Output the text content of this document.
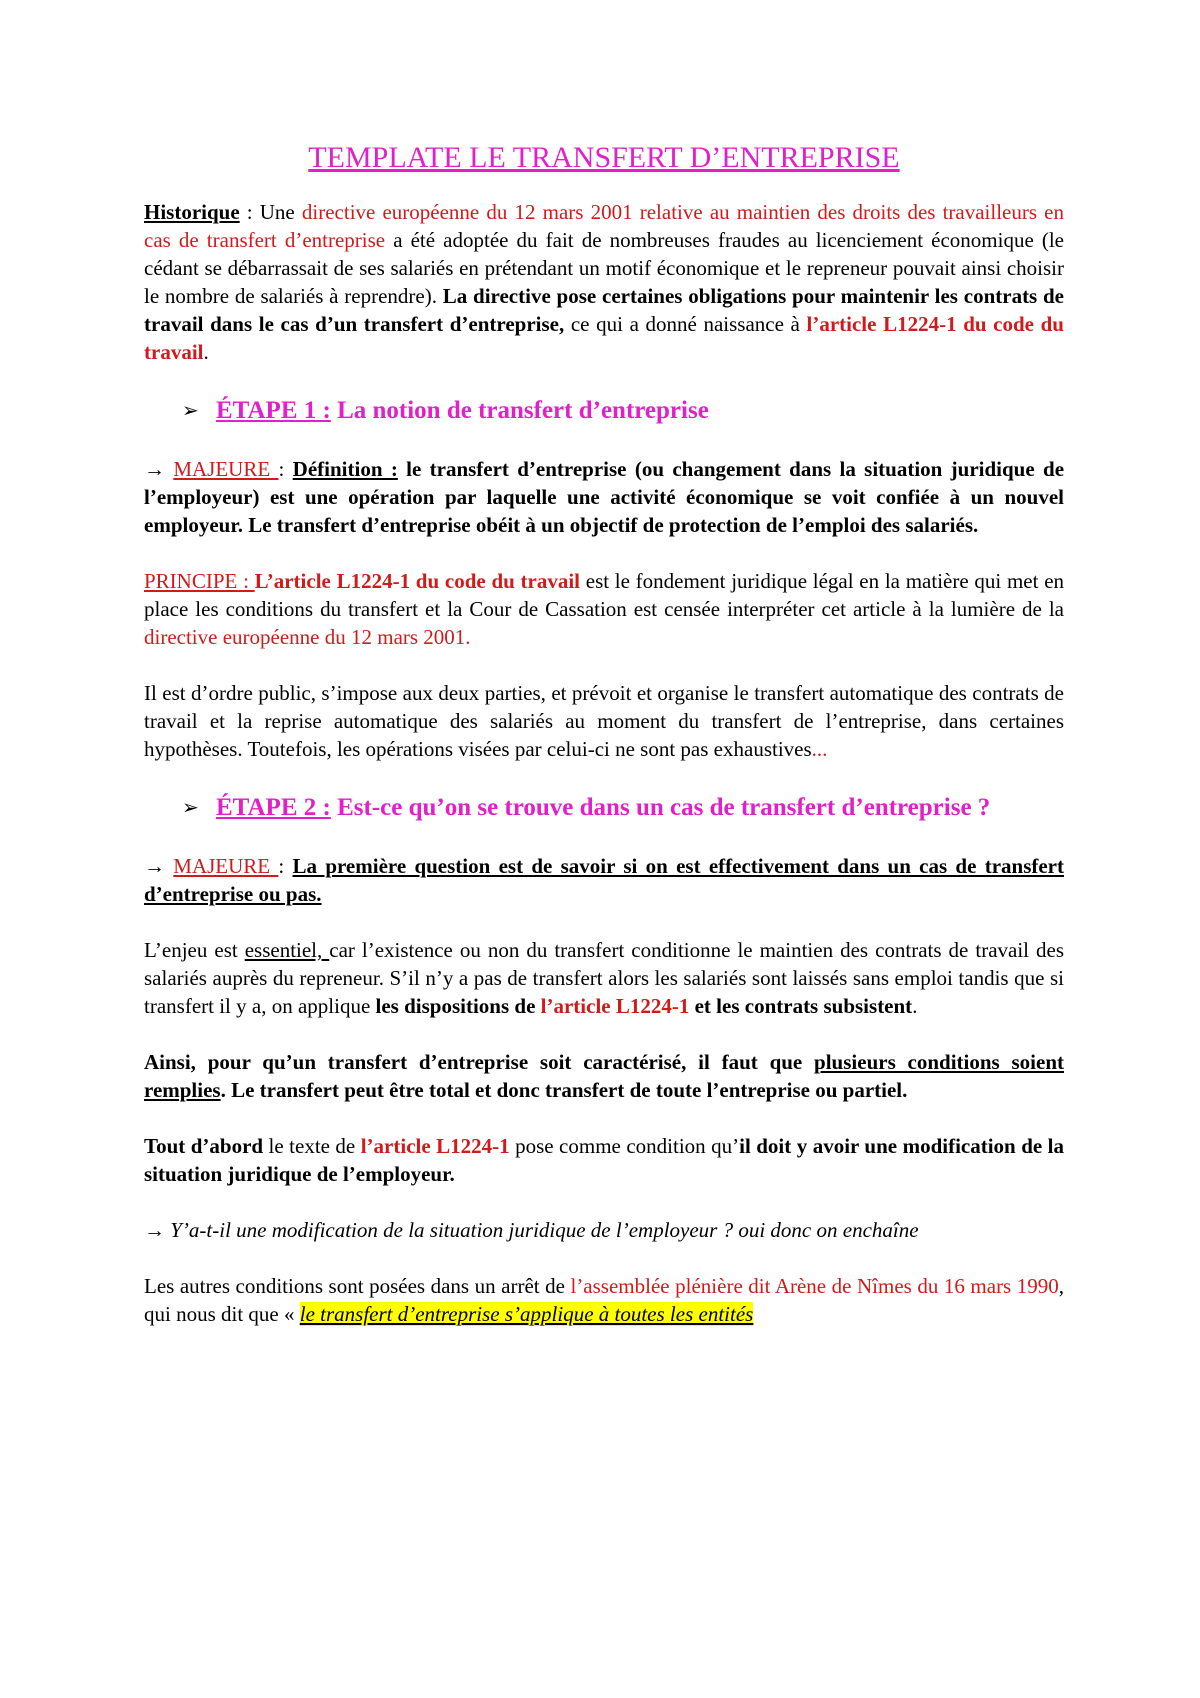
TEMPLATE LE TRANSFERT D’ENTREPRISE

Historique : Une directive européenne du 12 mars 2001 relative au maintien des droits des travailleurs en cas de transfert d’entreprise a été adoptée du fait de nombreuses fraudes au licenciement économique (le cédant se débarrassait de ses salariés en prétendant un motif économique et le repreneur pouvait ainsi choisir le nombre de salariés à reprendre). La directive pose certaines obligations pour maintenir les contrats de travail dans le cas d’un transfert d’entreprise, ce qui a donné naissance à l’article L1224-1 du code du travail.

➢ ÉTAPE 1 : La notion de transfert d’entreprise

→ MAJEURE : Définition : le transfert d’entreprise (ou changement dans la situation juridique de l’employeur) est une opération par laquelle une activité économique se voit confiée à un nouvel employeur. Le transfert d’entreprise obéit à un objectif de protection de l’emploi des salariés.

PRINCIPE : L’article L1224-1 du code du travail est le fondement juridique légal en la matière qui met en place les conditions du transfert et la Cour de Cassation est censée interpréter cet article à la lumière de la directive européenne du 12 mars 2001.

Il est d’ordre public, s’impose aux deux parties, et prévoit et organise le transfert automatique des contrats de travail et la reprise automatique des salariés au moment du transfert de l’entreprise, dans certaines hypothèses. Toutefois, les opérations visées par celui-ci ne sont pas exhaustives...

➢ ÉTAPE 2 : Est-ce qu’on se trouve dans un cas de transfert d’entreprise ?

→ MAJEURE : La première question est de savoir si on est effectivement dans un cas de transfert d’entreprise ou pas.

L’enjeu est essentiel, car l’existence ou non du transfert conditionne le maintien des contrats de travail des salariés auprès du repreneur. S’il n’y a pas de transfert alors les salariés sont laissés sans emploi tandis que si transfert il y a, on applique les dispositions de l’article L1224-1 et les contrats subsistent.

Ainsi, pour qu’un transfert d’entreprise soit caractérisé, il faut que plusieurs conditions soient remplies. Le transfert peut être total et donc transfert de toute l’entreprise ou partiel.

Tout d’abord le texte de l’article L1224-1 pose comme condition qu’il doit y avoir une modification de la situation juridique de l’employeur.

→ Y’a-t-il une modification de la situation juridique de l’employeur ? oui donc on enchaîne

Les autres conditions sont posées dans un arrêt de l’assemblée plénière dit Arène de Nîmes du 16 mars 1990, qui nous dit que « le transfert d’entreprise s’applique à toutes les entités
